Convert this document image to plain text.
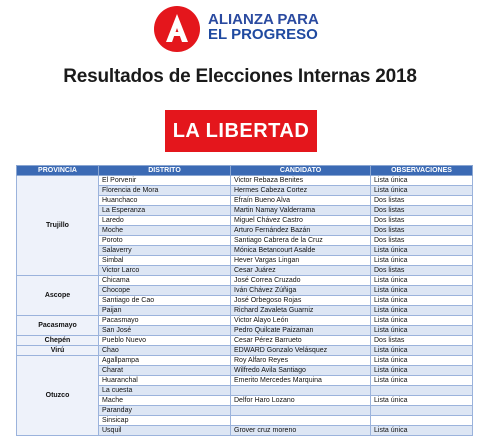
ALIANZA PARA
EL PROGRESO
Resultados de Elecciones Internas 2018
LA LIBERTAD
PROVINCIA	DISTRITO	CANDIDATO	OBSERVACIONES
Trujillo	El Porvenir	Victor Rebaza Benites	Lista única
	Florencia de Mora	Hermes Cabeza Cortez	Lista única
	Huanchaco	Efraín Bueno Alva	Dos listas
	La Esperanza	Martin Namay Valderrama	Dos listas
	Laredo	Miguel Chávez Castro	Dos listas
	Moche	Arturo Fernández Bazán	Dos listas
	Poroto	Santiago Cabrera de la Cruz	Dos listas
	Salaverry	Mónica Betancourt Asalde	Lista única
	Simbal	Hever Vargas Lingan	Lista única
	Victor Larco	Cesar Juárez	Dos listas
Ascope	Chicama	José Correa Cruzado	Lista única
	Chocope	Iván Chávez Zúñiga	Lista única
	Santiago de Cao	José Orbegoso Rojas	Lista única
	Paijan	Richard Zavaleta Guarniz	Lista única
Pacasmayo	Pacasmayo	Victor Alayo León	Lista única
	San José	Pedro Quilcate Paizaman	Lista única
Chepén	Pueblo Nuevo	Cesar Pérez Barrueto	Dos listas
Virú	Chao	EDWARD Gonzalo Velásquez	Lista única
Otuzco	Agallpampa	Roy Alfaro Reyes	Lista única
	Charat	Wilfredo Avila Santiago	Lista única
	Huaranchal	Emerito Mercedes Marquina	Lista única
	La cuesta		
	Mache	Delfor Haro Lozano	Lista única
	Paranday		
	Sinsicap		
	Usquil	Grover cruz moreno	Lista única
